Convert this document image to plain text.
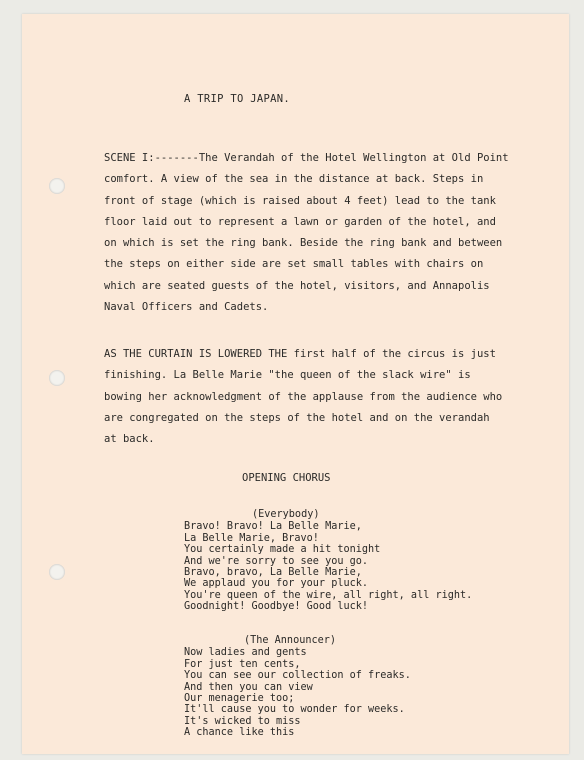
A TRIP TO JAPAN.

SCENE I:-------The Verandah of the Hotel Wellington at Old Point
comfort. A view of the sea in the distance at back. Steps in
front of stage (which is raised about 4 feet) lead to the tank
floor laid out to represent a lawn or garden of the hotel, and
on which is set the ring bank. Beside the ring bank and between
the steps on either side are set small tables with chairs on
which are seated guests of the hotel, visitors, and Annapolis
Naval Officers and Cadets.

AS THE CURTAIN IS LOWERED THE first half of the circus is just
finishing. La Belle Marie "the queen of the slack wire" is
bowing her acknowledgment of the applause from the audience who
are congregated on the steps of the hotel and on the verandah
at back.

OPENING CHORUS

(Everybody)
Bravo! Bravo! La Belle Marie,
La Belle Marie, Bravo!
You certainly made a hit tonight
And we're sorry to see you go.
Bravo, bravo, La Belle Marie,
We applaud you for your pluck.
You're queen of the wire, all right, all right.
Goodnight! Goodbye! Good luck!

(The Announcer)
Now ladies and gents
For just ten cents,
You can see our collection of freaks.
And then you can view
Our menagerie too;
It'll cause you to wonder for weeks.
It's wicked to miss
A chance like this
